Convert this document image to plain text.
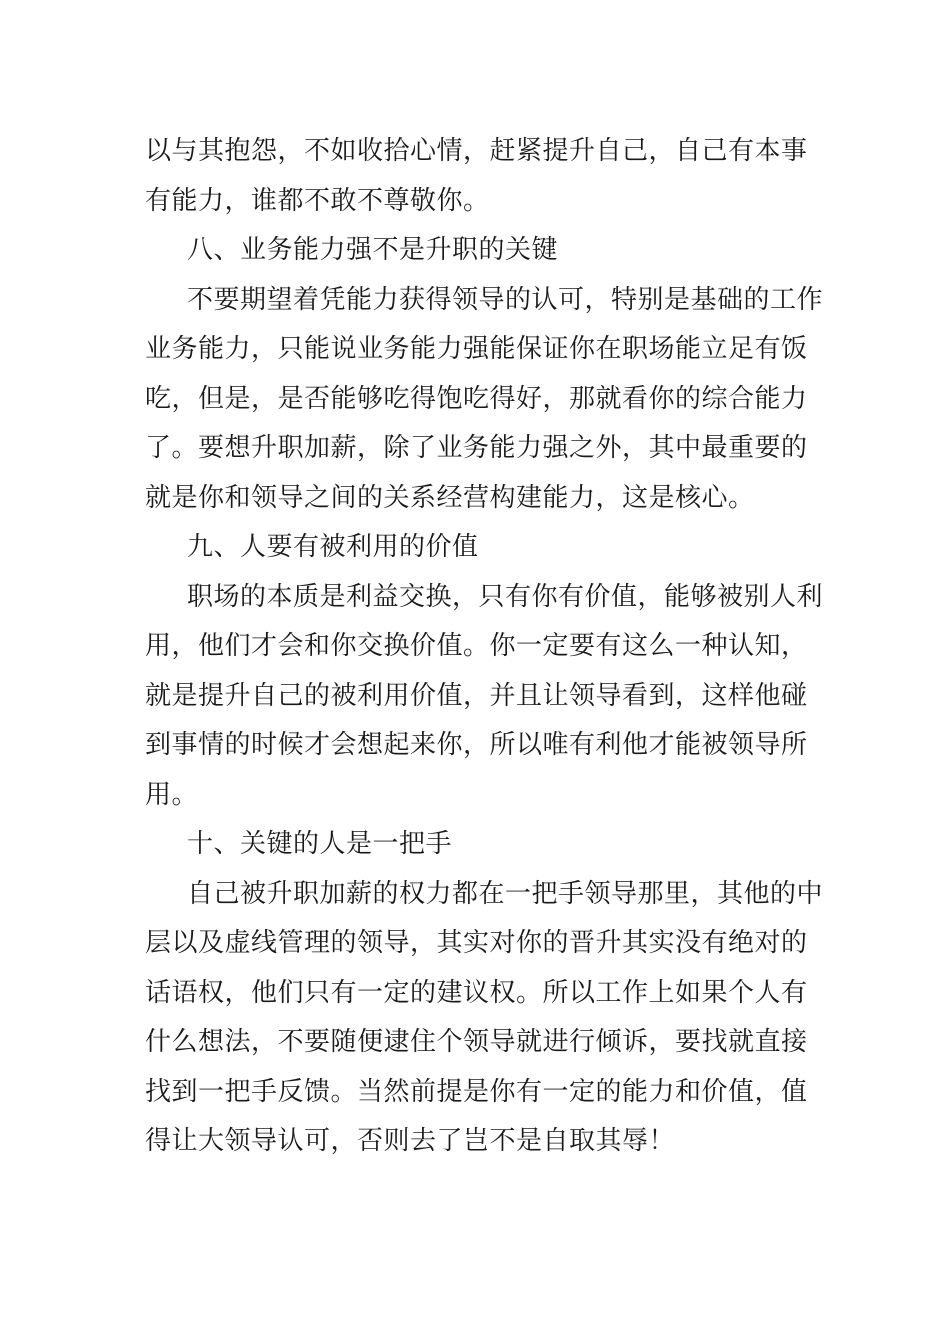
以与其抱怨，不如收拾心情，赶紧提升自己，自己有本事
有能力，谁都不敢不尊敬你。
八、业务能力强不是升职的关键
不要期望着凭能力获得领导的认可，特别是基础的工作
业务能力，只能说业务能力强能保证你在职场能立足有饭
吃，但是，是否能够吃得饱吃得好，那就看你的综合能力
了。要想升职加薪，除了业务能力强之外，其中最重要的
就是你和领导之间的关系经营构建能力，这是核心。
九、人要有被利用的价值
职场的本质是利益交换，只有你有价值，能够被别人利
用，他们才会和你交换价值。你一定要有这么一种认知，
就是提升自己的被利用价值，并且让领导看到，这样他碰
到事情的时候才会想起来你，所以唯有利他才能被领导所
用。
十、关键的人是一把手
自己被升职加薪的权力都在一把手领导那里，其他的中
层以及虚线管理的领导，其实对你的晋升其实没有绝对的
话语权，他们只有一定的建议权。所以工作上如果个人有
什么想法，不要随便逮住个领导就进行倾诉，要找就直接
找到一把手反馈。当然前提是你有一定的能力和价值，值
得让大领导认可，否则去了岂不是自取其辱！
